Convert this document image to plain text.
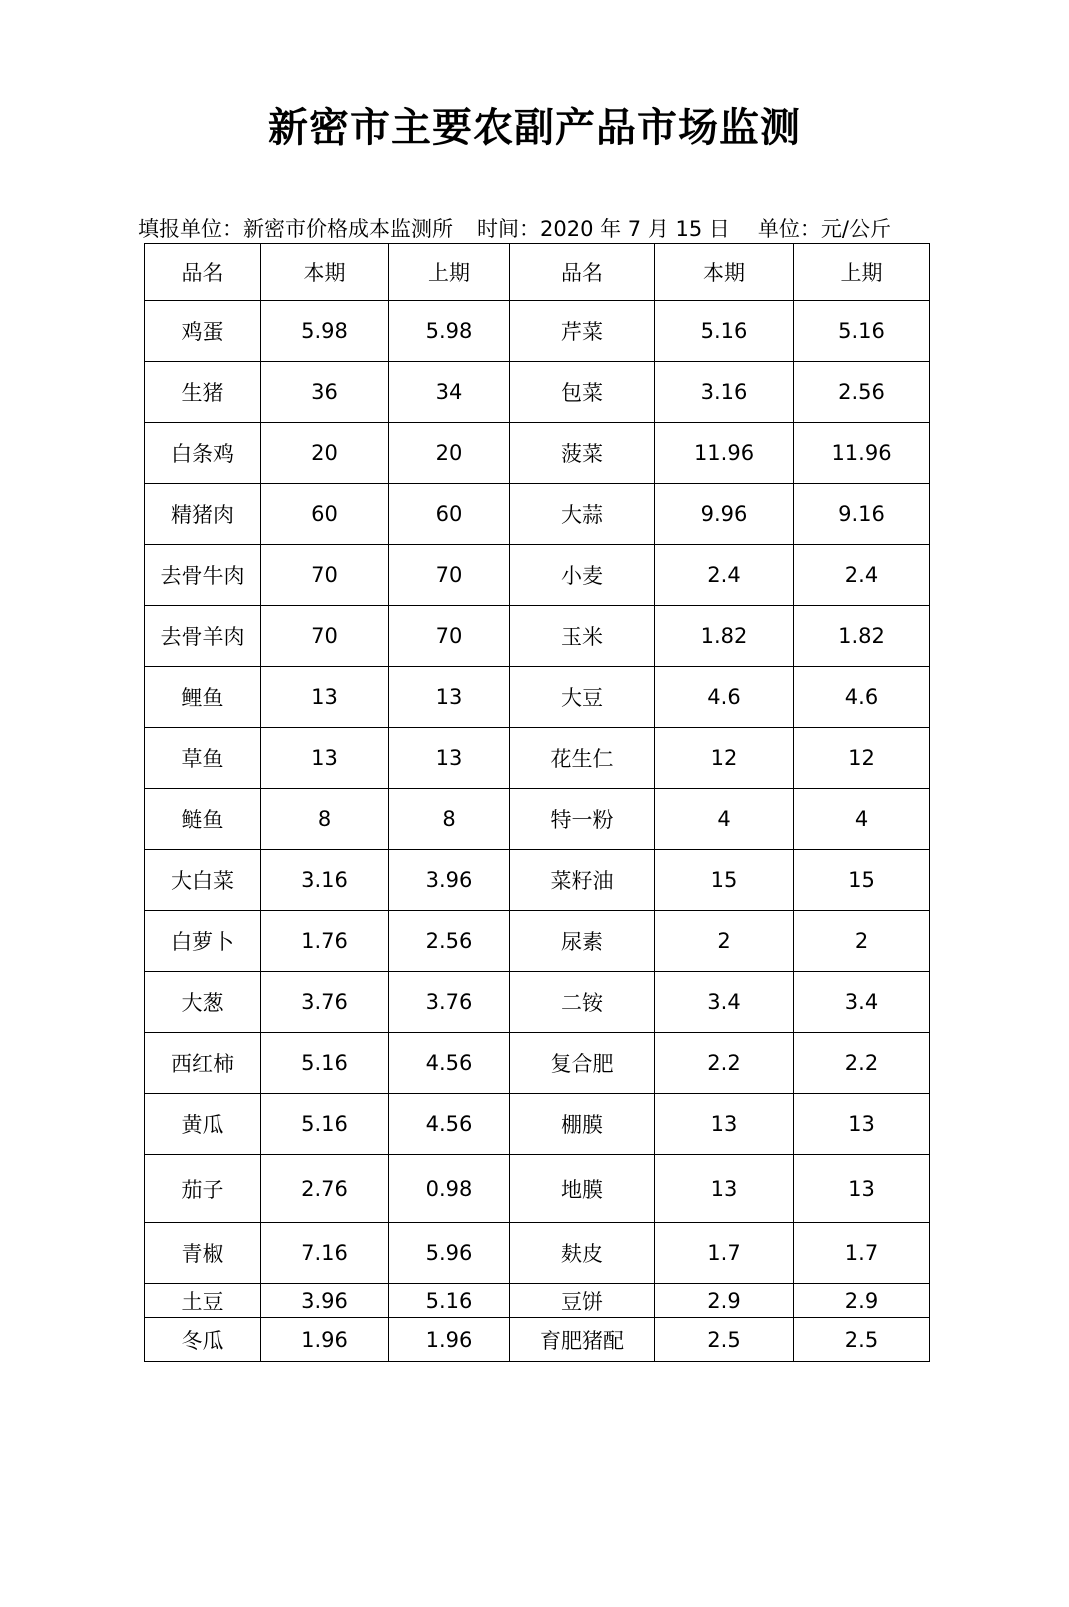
新密市主要农副产品市场监测
填报单位： 新密市价格成本监测所 时间： 2020 年 7 月 15 日 单位： 元/公斤
品名	本期	上期	品名	本期	上期
鸡蛋	5.98	5.98	芹菜	5.16	5.16
生猪	36	34	包菜	3.16	2.56
白条鸡	20	20	菠菜	11.96	11.96
精猪肉	60	60	大蒜	9.96	9.16
去骨牛肉	70	70	小麦	2.4	2.4
去骨羊肉	70	70	玉米	1.82	1.82
鲤鱼	13	13	大豆	4.6	4.6
草鱼	13	13	花生仁	12	12
鲢鱼	8	8	特一粉	4	4
大白菜	3.16	3.96	菜籽油	15	15
白萝卜	1.76	2.56	尿素	2	2
大葱	3.76	3.76	二铵	3.4	3.4
西红柿	5.16	4.56	复合肥	2.2	2.2
黄瓜	5.16	4.56	棚膜	13	13
茄子	2.76	0.98	地膜	13	13
青椒	7.16	5.96	麸皮	1.7	1.7
土豆	3.96	5.16	豆饼	2.9	2.9
冬瓜	1.96	1.96	育肥猪配	2.5	2.5
